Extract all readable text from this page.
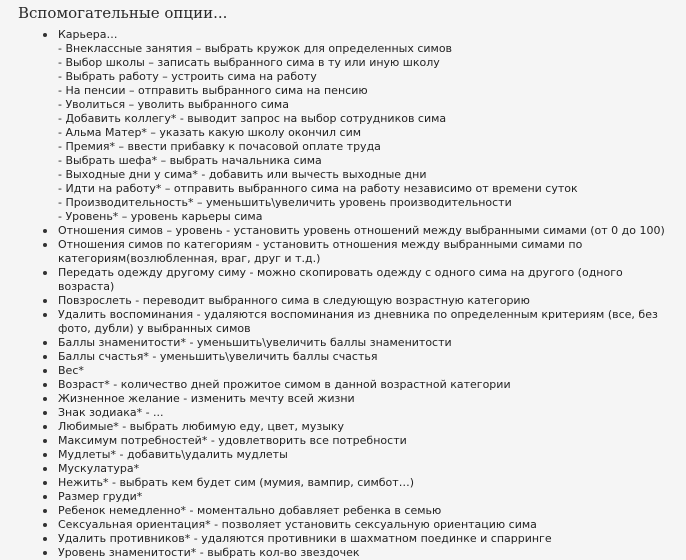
Вспомогательные опции...
Карьера…
- Внеклассные занятия – выбрать кружок для определенных симов
- Выбор школы – записать выбранного сима в ту или иную школу
- Выбрать работу – устроить сима на работу
- На пенсии – отправить выбранного сима на пенсию
- Уволиться – уволить выбранного сима
- Добавить коллегу* - выводит запрос на выбор сотрудников сима
- Альма Матер* – указать какую школу окончил сим
- Премия* – ввести прибавку к почасовой оплате труда
- Выбрать шефа* – выбрать начальника сима
- Выходные дни у сима* - добавить или вычесть выходные дни
- Идти на работу* – отправить выбранного сима на работу независимо от времени суток
- Производительность* – уменьшить\увеличить уровень производительности
- Уровень* – уровень карьеры сима
Отношения симов – уровень - установить уровень отношений между выбранными симами (от 0 до 100)
Отношения симов по категориям - установить отношения между выбранными симами по категориям(возлюбленная, враг, друг и т.д.)
Передать одежду другому симу - можно скопировать одежду с одного сима на другого (одного возраста)
Повзрослеть - переводит выбранного сима в следующую возрастную категорию
Удалить воспоминания - удаляются воспоминания из дневника по определенным критериям (все, без фото, дубли) у выбранных симов
Баллы знаменитости* - уменьшить\увеличить баллы знаменитости
Баллы счастья* - уменьшить\увеличить баллы счастья
Вес*
Возраст* - количество дней прожитое симом в данной возрастной категории
Жизненное желание - изменить мечту всей жизни
Знак зодиака* - ...
Любимые* - выбрать любимую еду, цвет, музыку
Максимум потребностей* - удовлетворить все потребности
Мудлеты* - добавить\удалить мудлеты
Мускулатура*
Нежить* - выбрать кем будет сим (мумия, вампир, симбот…)
Размер груди*
Ребенок немедленно* - моментально добавляет ребенка в семью
Сексуальная ориентация* - позволяет установить сексуальную ориентацию сима
Удалить противников* - удаляются противники в шахматном поединке и спарринге
Уровень знаменитости* - выбрать кол-во звездочек
